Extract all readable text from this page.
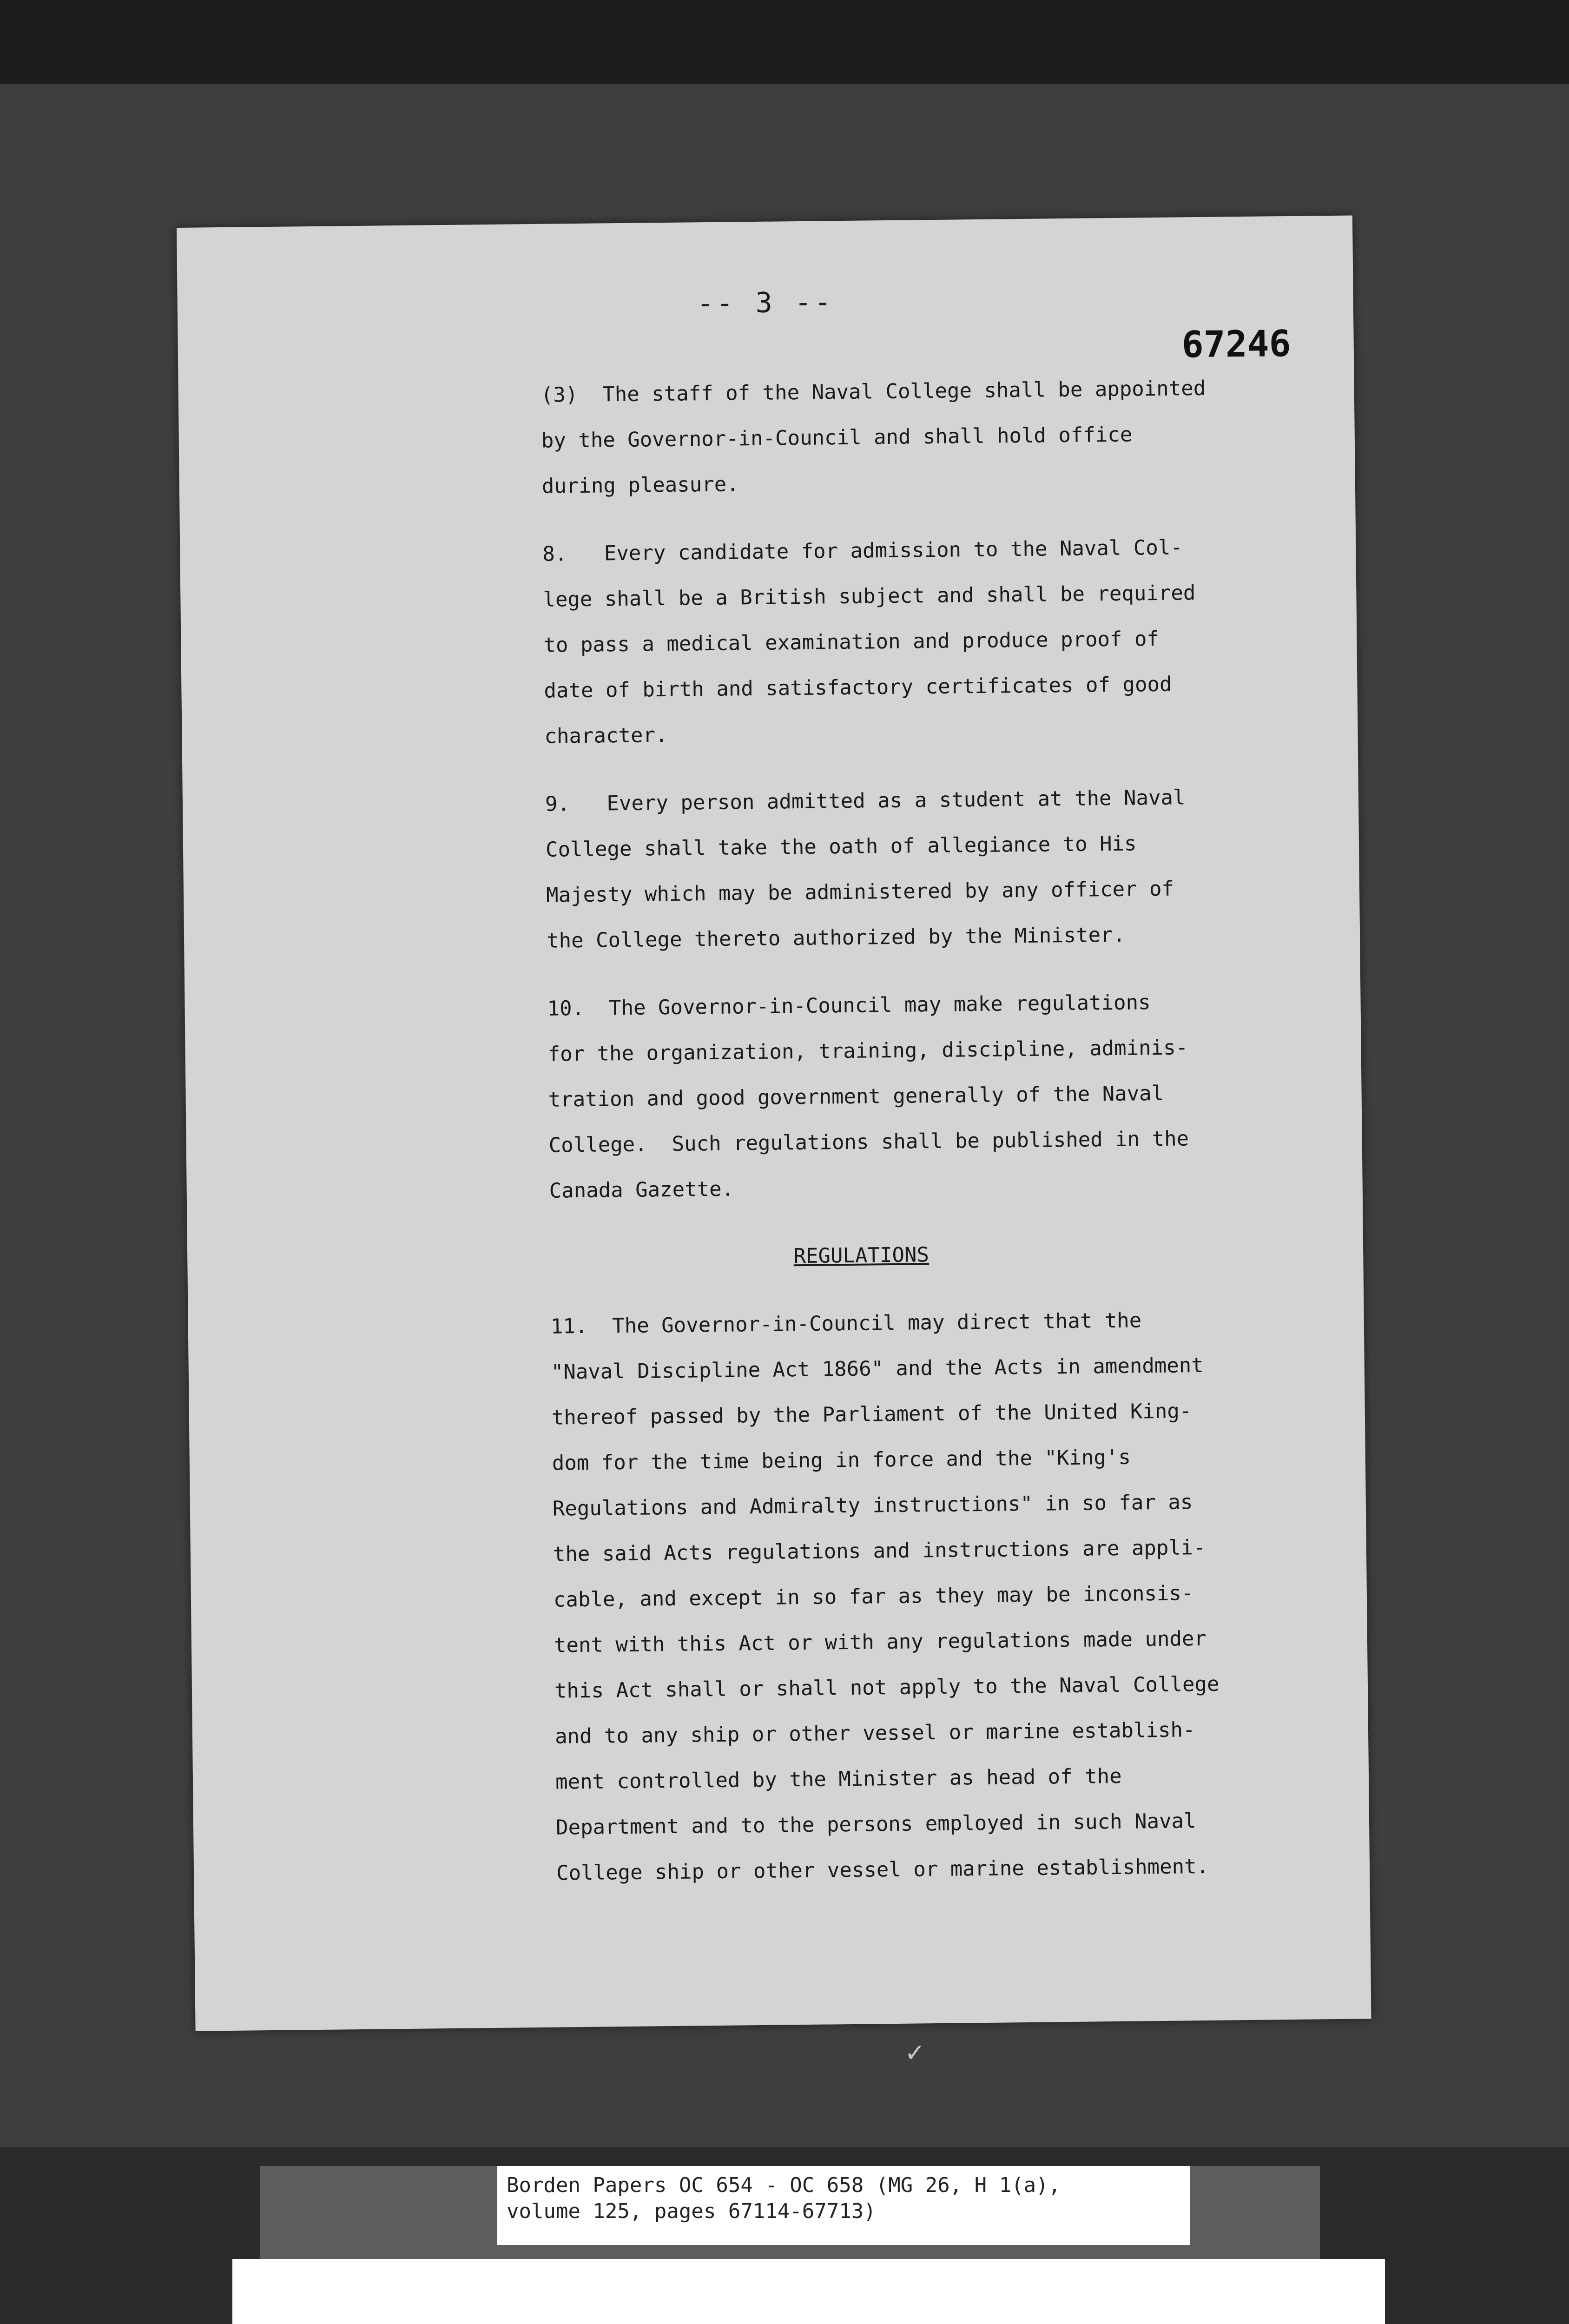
-- 3 --
67246

(3)  The staff of the Naval College shall be appointed
by the Governor-in-Council and shall hold office
during pleasure.

8.   Every candidate for admission to the Naval Col-
lege shall be a British subject and shall be required
to pass a medical examination and produce proof of
date of birth and satisfactory certificates of good
character.

9.   Every person admitted as a student at the Naval
College shall take the oath of allegiance to His
Majesty which may be administered by any officer of
the College thereto authorized by the Minister.

10.  The Governor-in-Council may make regulations
for the organization, training, discipline, adminis-
tration and good government generally of the Naval
College.  Such regulations shall be published in the
Canada Gazette.

REGULATIONS

11.  The Governor-in-Council may direct that the
"Naval Discipline Act 1866" and the Acts in amendment
thereof passed by the Parliament of the United King-
dom for the time being in force and the "King's
Regulations and Admiralty instructions" in so far as
the said Acts regulations and instructions are appli-
cable, and except in so far as they may be inconsis-
tent with this Act or with any regulations made under
this Act shall or shall not apply to the Naval College
and to any ship or other vessel or marine establish-
ment controlled by the Minister as head of the
Department and to the persons employed in such Naval
College ship or other vessel or marine establishment.

✓
Borden Papers OC 654 - OC 658 (MG 26, H 1(a),
volume 125, pages 67114-67713)
